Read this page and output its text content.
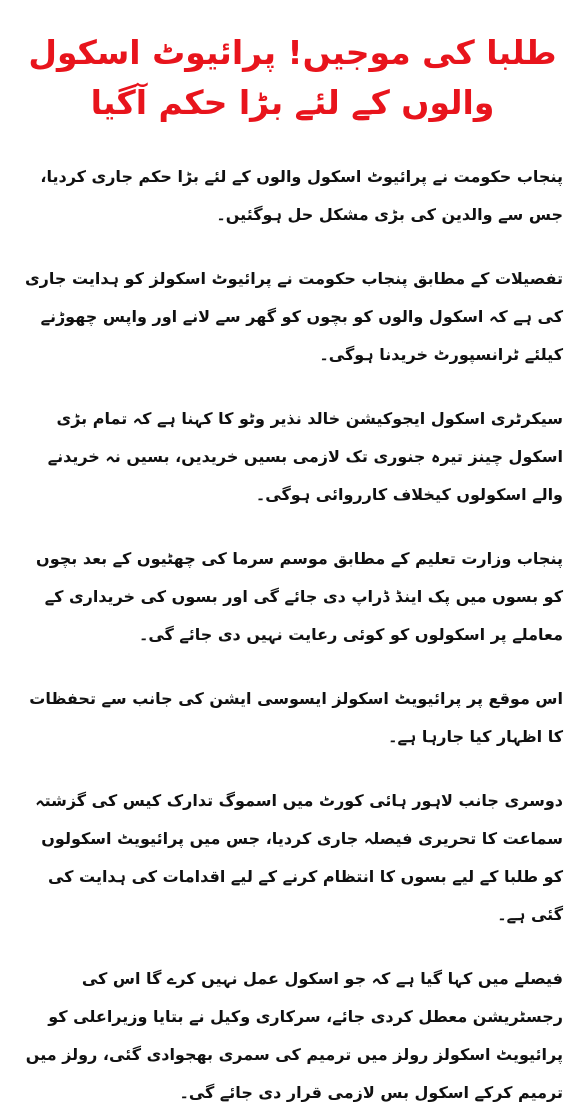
طلبا کی موجیں! پرائیوٹ اسکول والوں کے لئے بڑا حکم آگیا

پنجاب حکومت نے پرائیوٹ اسکول والوں کے لئے بڑا حکم جاری کردیا، جس سے والدین کی بڑی مشکل حل ہوگئیں۔

تفصیلات کے مطابق پنجاب حکومت نے پرائیوٹ اسکولز کو ہدایت جاری کی ہے کہ اسکول والوں کو بچوں کو گھر سے لانے اور واپس چھوڑنے کیلئے ٹرانسپورٹ خریدنا ہوگی۔

سیکرٹری اسکول ایجوکیشن خالد نذیر وٹو کا کہنا ہے کہ تمام بڑی اسکول چینز تیرہ جنوری تک لازمی بسیں خریدیں، بسیں نہ خریدنے والے اسکولوں کیخلاف کارروائی ہوگی۔

پنجاب وزارت تعلیم کے مطابق موسم سرما کی چھٹیوں کے بعد بچوں کو بسوں میں پک اینڈ ڈراپ دی جائے گی اور بسوں کی خریداری کے معاملے پر اسکولوں کو کوئی رعایت نہیں دی جائے گی۔

اس موقع پر پرائیویٹ اسکولز ایسوسی ایشن کی جانب سے تحفظات کا اظہار کیا جارہا ہے۔

دوسری جانب لاہور ہائی کورٹ میں اسموگ تدارک کیس کی گزشتہ سماعت کا تحریری فیصلہ جاری کردیا، جس میں پرائیویٹ اسکولوں کو طلبا کے لیے بسوں کا انتظام کرنے کے لیے اقدامات کی ہدایت کی گئی ہے۔

فیصلے میں کہا گیا ہے کہ جو اسکول عمل نہیں کرے گا اس کی رجسٹریشن معطل کردی جائے، سرکاری وکیل نے بتایا وزیراعلی کو پرائیویٹ اسکولز رولز میں ترمیم کی سمری بھجوادی گئی، رولز میں ترمیم کرکے اسکول بس لازمی قرار دی جائے گی۔
